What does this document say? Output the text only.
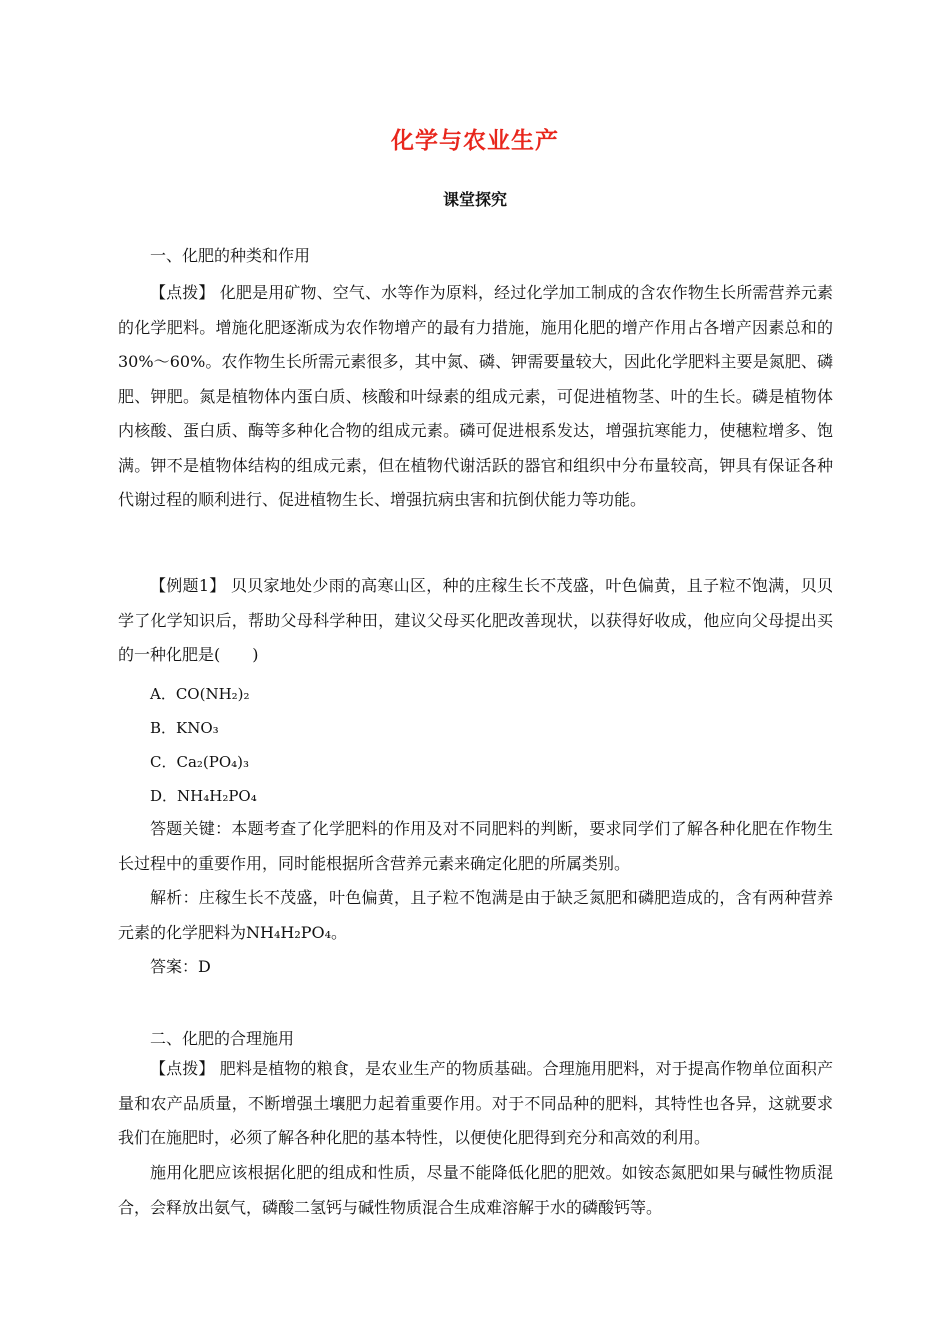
化学与农业生产
课堂探究

一、化肥的种类和作用

【点拨】 化肥是用矿物、空气、水等作为原料，经过化学加工制成的含农作物生长所需营养元素的化学肥料。增施化肥逐渐成为农作物增产的最有力措施，施用化肥的增产作用占各增产因素总和的30%～60%。农作物生长所需元素很多，其中氮、磷、钾需要量较大，因此化学肥料主要是氮肥、磷肥、钾肥。氮是植物体内蛋白质、核酸和叶绿素的组成元素，可促进植物茎、叶的生长。磷是植物体内核酸、蛋白质、酶等多种化合物的组成元素。磷可促进根系发达，增强抗寒能力，使穗粒增多、饱满。钾不是植物体结构的组成元素，但在植物代谢活跃的器官和组织中分布量较高，钾具有保证各种代谢过程的顺利进行、促进植物生长、增强抗病虫害和抗倒伏能力等功能。

【例题1】 贝贝家地处少雨的高寒山区，种的庄稼生长不茂盛，叶色偏黄，且子粒不饱满，贝贝学了化学知识后，帮助父母科学种田，建议父母买化肥改善现状，以获得好收成，他应向父母提出买的一种化肥是(　　)

A．CO(NH₂)₂

B．KNO₃

C．Ca₂(PO₄)₃

D．NH₄H₂PO₄

答题关键：本题考查了化学肥料的作用及对不同肥料的判断，要求同学们了解各种化肥在作物生长过程中的重要作用，同时能根据所含营养元素来确定化肥的所属类别。

解析：庄稼生长不茂盛，叶色偏黄，且子粒不饱满是由于缺乏氮肥和磷肥造成的，含有两种营养元素的化学肥料为NH₄H₂PO₄。

答案：D

二、化肥的合理施用

【点拨】 肥料是植物的粮食，是农业生产的物质基础。合理施用肥料，对于提高作物单位面积产量和农产品质量，不断增强土壤肥力起着重要作用。对于不同品种的肥料，其特性也各异，这就要求我们在施肥时，必须了解各种化肥的基本特性，以便使化肥得到充分和高效的利用。

施用化肥应该根据化肥的组成和性质，尽量不能降低化肥的肥效。如铵态氮肥如果与碱性物质混合，会释放出氨气，磷酸二氢钙与碱性物质混合生成难溶解于水的磷酸钙等。
